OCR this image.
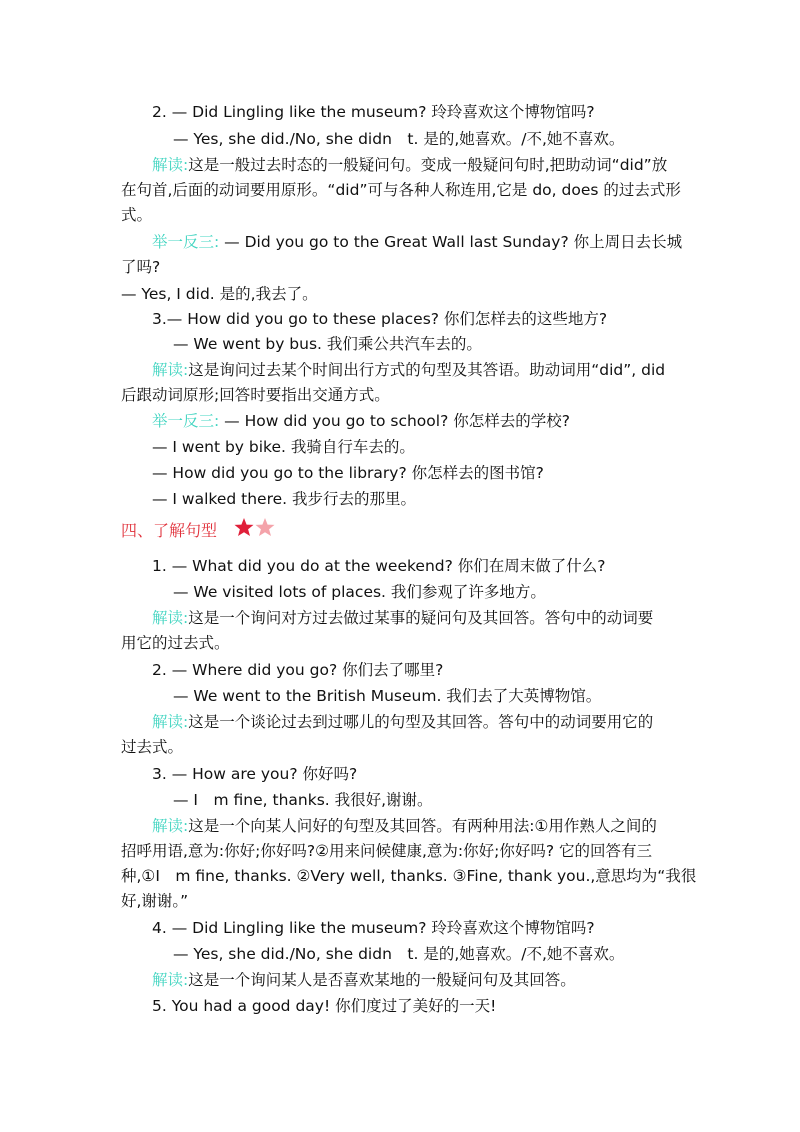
2. — Did Lingling like the museum? 玲玲喜欢这个博物馆吗?
— Yes, she did./No, she didn　t. 是的,她喜欢。/不,她不喜欢。
解读:这是一般过去时态的一般疑问句。变成一般疑问句时,把助动词“did”放
在句首,后面的动词要用原形。“did”可与各种人称连用,它是 do, does 的过去式形
式。
举一反三: — Did you go to the Great Wall last Sunday? 你上周日去长城
了吗?
— Yes, I did. 是的,我去了。
3.— How did you go to these places? 你们怎样去的这些地方?
— We went by bus. 我们乘公共汽车去的。
解读:这是询问过去某个时间出行方式的句型及其答语。助动词用“did”, did
后跟动词原形;回答时要指出交通方式。
举一反三: — How did you go to school? 你怎样去的学校?
— I went by bike. 我骑自行车去的。
— How did you go to the library? 你怎样去的图书馆?
— I walked there. 我步行去的那里。
四、了解句型
1. — What did you do at the weekend? 你们在周末做了什么?
— We visited lots of places. 我们参观了许多地方。
解读:这是一个询问对方过去做过某事的疑问句及其回答。答句中的动词要
用它的过去式。
2. — Where did you go? 你们去了哪里?
— We went to the British Museum. 我们去了大英博物馆。
解读:这是一个谈论过去到过哪儿的句型及其回答。答句中的动词要用它的
过去式。
3. — How are you? 你好吗?
— I　m fine, thanks. 我很好,谢谢。
解读:这是一个向某人问好的句型及其回答。有两种用法:①用作熟人之间的
招呼用语,意为:你好;你好吗?②用来问候健康,意为:你好;你好吗? 它的回答有三
种,①I　m fine, thanks. ②Very well, thanks. ③Fine, thank you.,意思均为“我很
好,谢谢。”
4. — Did Lingling like the museum? 玲玲喜欢这个博物馆吗?
— Yes, she did./No, she didn　t. 是的,她喜欢。/不,她不喜欢。
解读:这是一个询问某人是否喜欢某地的一般疑问句及其回答。
5. You had a good day! 你们度过了美好的一天!
